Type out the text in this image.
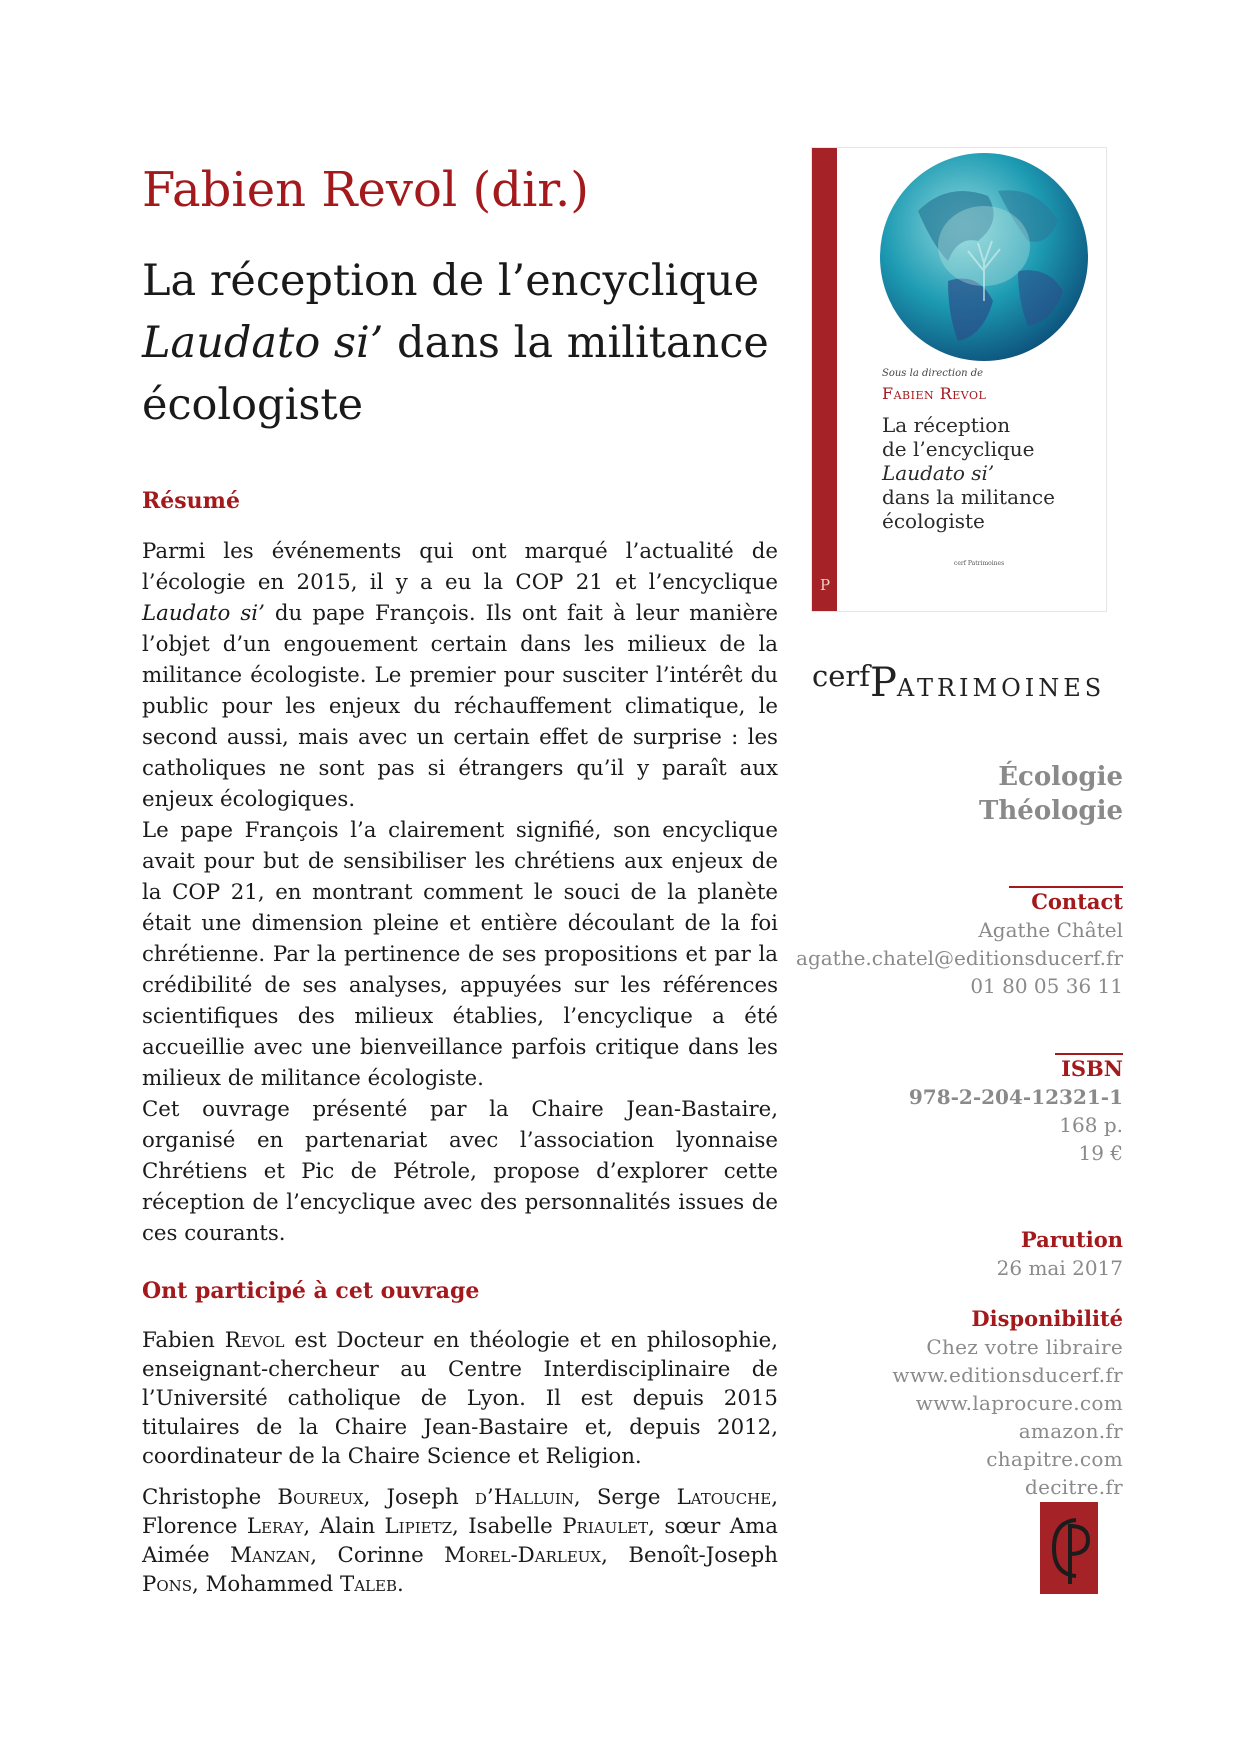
Fabien Revol (dir.)
La réception de l’encyclique
Laudato si’ dans la militance
écologiste
Résumé

Parmi les événements qui ont marqué l’actualité de l’écologie en 2015, il y a eu la COP 21 et l’encyclique Laudato si’ du pape François. Ils ont fait à leur manière l’objet d’un engouement certain dans les milieux de la militance écologiste. Le premier pour susciter l’intérêt du public pour les enjeux du réchauffement climatique, le second aussi, mais avec un certain effet de surprise : les catholiques ne sont pas si étrangers qu’il y paraît aux enjeux écologiques.

Le pape François l’a clairement signifié, son encyclique avait pour but de sensibiliser les chrétiens aux enjeux de la COP 21, en montrant comment le souci de la planète était une dimension pleine et entière découlant de la foi chrétienne. Par la pertinence de ses propositions et par la crédibilité de ses analyses, appuyées sur les références scientifiques des milieux établies, l’encyclique a été accueillie avec une bienveillance parfois critique dans les milieux de militance écologiste.

Cet ouvrage présenté par la Chaire Jean-Bastaire, organisé en partenariat avec l’association lyonnaise Chrétiens et Pic de Pétrole, propose d’explorer cette réception de l’encyclique avec des personnalités issues de ces courants.

Ont participé à cet ouvrage

Fabien Revol est Docteur en théologie et en philosophie, enseignant-chercheur au Centre Interdisciplinaire de l’Université catholique de Lyon. Il est depuis 2015 titulaires de la Chaire Jean-Bastaire et, depuis 2012, coordinateur de la Chaire Science et Religion.

Christophe Boureux, Joseph d’Halluin, Serge Latouche, Florence Leray, Alain Lipietz, Isabelle Priaulet, sœur Ama Aimée Manzan, Corinne Morel-Darleux, Benoît-Joseph Pons, Mohammed Taleb.

P
Sous la direction de
Fabien Revol
La réception
de l’encyclique
Laudato si’
dans la militance
écologiste
cerf Patrimoines
cerfPATRIMOINES
Écologie
Théologie
Contact
Agathe Châtel
agathe.chatel@editionsducerf.fr
01 80 05 36 11
ISBN
978-2-204-12321-1
168 p.
19 €
Parution
26 mai 2017
Disponibilité
Chez votre libraire
www.editionsducerf.fr
www.laprocure.com
amazon.fr
chapitre.com
decitre.fr
